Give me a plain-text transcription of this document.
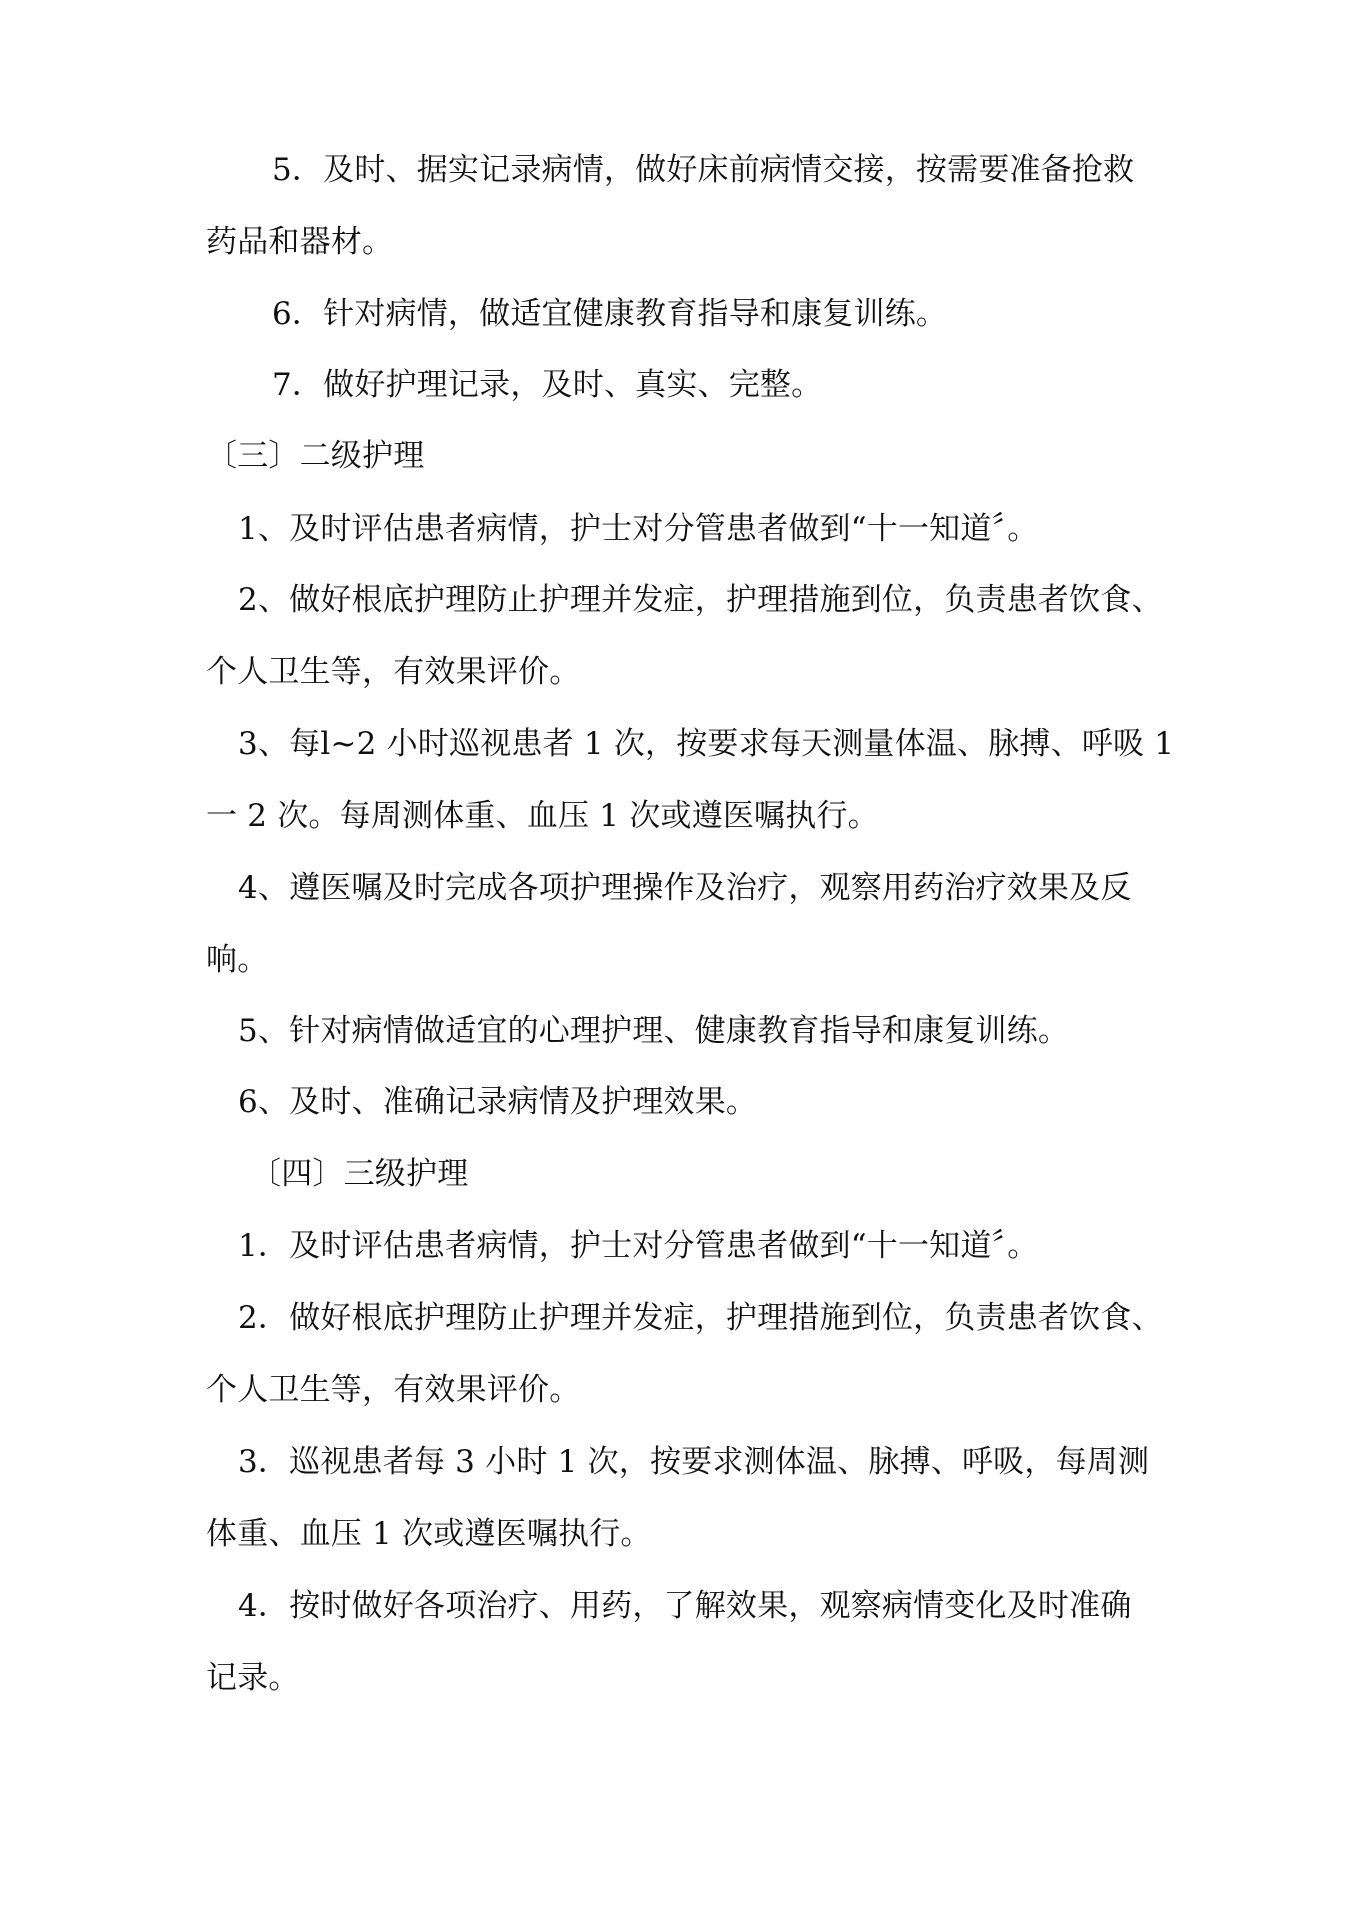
5．及时、据实记录病情，做好床前病情交接，按需要准备抢救
药品和器材。
6．针对病情，做适宜健康教育指导和康复训练。
7．做好护理记录，及时、真实、完整。
〔三〕二级护理
1、及时评估患者病情，护士对分管患者做到“十一知道〞。
2、做好根底护理防止护理并发症，护理措施到位，负责患者饮食、
个人卫生等，有效果评价。
3、每l~2 小时巡视患者 1 次，按要求每天测量体温、脉搏、呼吸 1
一 2 次。每周测体重、血压 1 次或遵医嘱执行。
4、遵医嘱及时完成各项护理操作及治疗，观察用药治疗效果及反
响。
5、针对病情做适宜的心理护理、健康教育指导和康复训练。
6、及时、准确记录病情及护理效果。
〔四〕三级护理
1．及时评估患者病情，护士对分管患者做到“十一知道〞。
2．做好根底护理防止护理并发症，护理措施到位，负责患者饮食、
个人卫生等，有效果评价。
3．巡视患者每 3 小时 1 次，按要求测体温、脉搏、呼吸，每周测
体重、血压 1 次或遵医嘱执行。
4．按时做好各项治疗、用药，了解效果，观察病情变化及时准确
记录。
